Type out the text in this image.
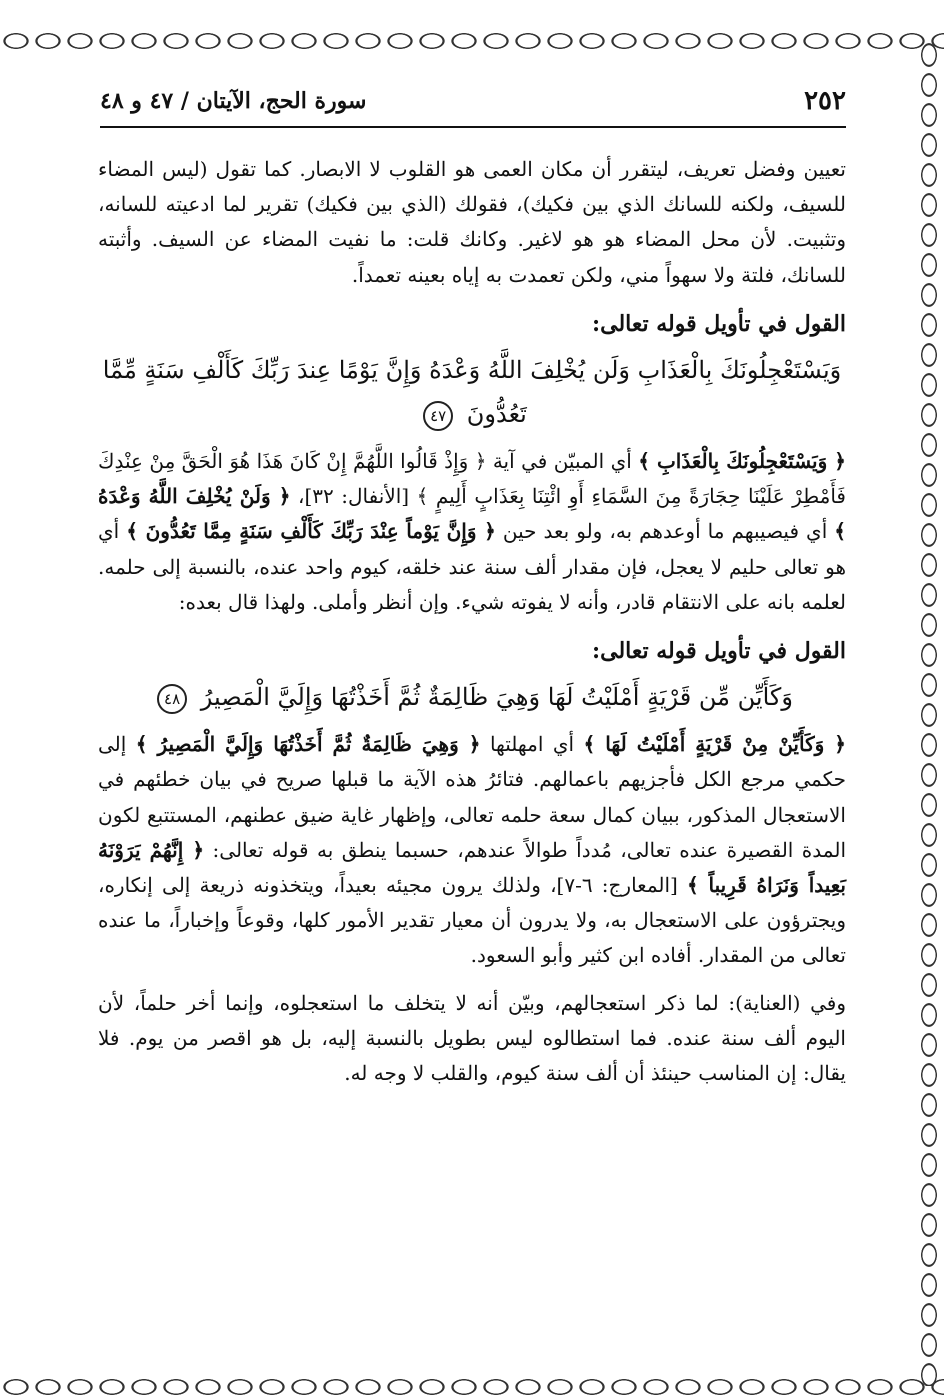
٢٥٢
سورة الحج، الآيتان / ٤٧ و ٤٨

تعيين وفضل تعريف، ليتقرر أن مكان العمى هو القلوب لا الابصار. كما تقول (ليس المضاء للسيف، ولكنه للسانك الذي بين فكيك)، فقولك (الذي بين فكيك) تقرير لما ادعيته للسانه، وتثبيت. لأن محل المضاء هو هو لاغير. وكانك قلت: ما نفيت المضاء عن السيف. وأثبته للسانك، فلتة ولا سهواً مني، ولكن تعمدت به إياه بعينه تعمداً.

القول في تأويل قوله تعالى:

وَيَسْتَعْجِلُونَكَ بِالْعَذَابِ وَلَن يُخْلِفَ اللَّهُ وَعْدَهُ وَإِنَّ يَوْمًا عِندَ رَبِّكَ كَأَلْفِ سَنَةٍ مِّمَّا تَعُدُّونَ ٤٧

﴿ وَيَسْتَعْجِلُونَكَ بِالْعَذَابِ ﴾ أي المبيّن في آية ﴿ وَإِذْ قَالُوا اللَّهُمَّ إِنْ كَانَ هَذَا هُوَ الْحَقَّ مِنْ عِنْدِكَ فَأَمْطِرْ عَلَيْنَا حِجَارَةً مِنَ السَّمَاءِ أَوِ ائْتِنَا بِعَذَابٍ أَلِيمٍ ﴾ [الأنفال: ٣٢]، ﴿ وَلَنْ يُخْلِفَ اللَّهُ وَعْدَهُ ﴾ أي فيصيبهم ما أوعدهم به، ولو بعد حين ﴿ وَإِنَّ يَوْماً عِنْدَ رَبِّكَ كَأَلْفِ سَنَةٍ مِمَّا تَعُدُّونَ ﴾ أي هو تعالى حليم لا يعجل، فإن مقدار ألف سنة عند خلقه، كيوم واحد عنده، بالنسبة إلى حلمه. لعلمه بانه على الانتقام قادر، وأنه لا يفوته شيء. وإن أنظر وأملى. ولهذا قال بعده:

القول في تأويل قوله تعالى:

وَكَأَيِّن مِّن قَرْيَةٍ أَمْلَيْتُ لَهَا وَهِيَ ظَالِمَةٌ ثُمَّ أَخَذْتُهَا وَإِلَيَّ الْمَصِيرُ ٤٨

﴿ وَكَأَيِّنْ مِنْ قَرْيَةٍ أَمْلَيْتُ لَهَا ﴾ أي امهلتها ﴿ وَهِيَ ظَالِمَةٌ ثُمَّ أَخَذْتُهَا وَإِلَيَّ الْمَصِيرُ ﴾ إلى حكمي مرجع الكل فأجزيهم باعمالهم. فتائرُ هذه الآية ما قبلها صريح في بيان خطئهم في الاستعجال المذكور، ببيان كمال سعة حلمه تعالى، وإظهار غاية ضيق عطنهم، المستتبع لكون المدة القصيرة عنده تعالى، مُدداً طوالاً عندهم، حسبما ينطق به قوله تعالى: ﴿ إِنَّهُمْ يَرَوْنَهُ بَعِيداً وَنَرَاهُ قَرِيباً ﴾ [المعارج: ٦-٧]، ولذلك يرون مجيئه بعيداً، ويتخذونه ذريعة إلى إنكاره، ويجترؤون على الاستعجال به، ولا يدرون أن معيار تقدير الأمور كلها، وقوعاً وإخباراً، ما عنده تعالى من المقدار. أفاده ابن كثير وأبو السعود.

وفي (العناية): لما ذكر استعجالهم، وبيّن أنه لا يتخلف ما استعجلوه، وإنما أخر حلماً، لأن اليوم ألف سنة عنده. فما استطالوه ليس بطويل بالنسبة إليه، بل هو اقصر من يوم. فلا يقال: إن المناسب حينئذ أن ألف سنة كيوم، والقلب لا وجه له.
